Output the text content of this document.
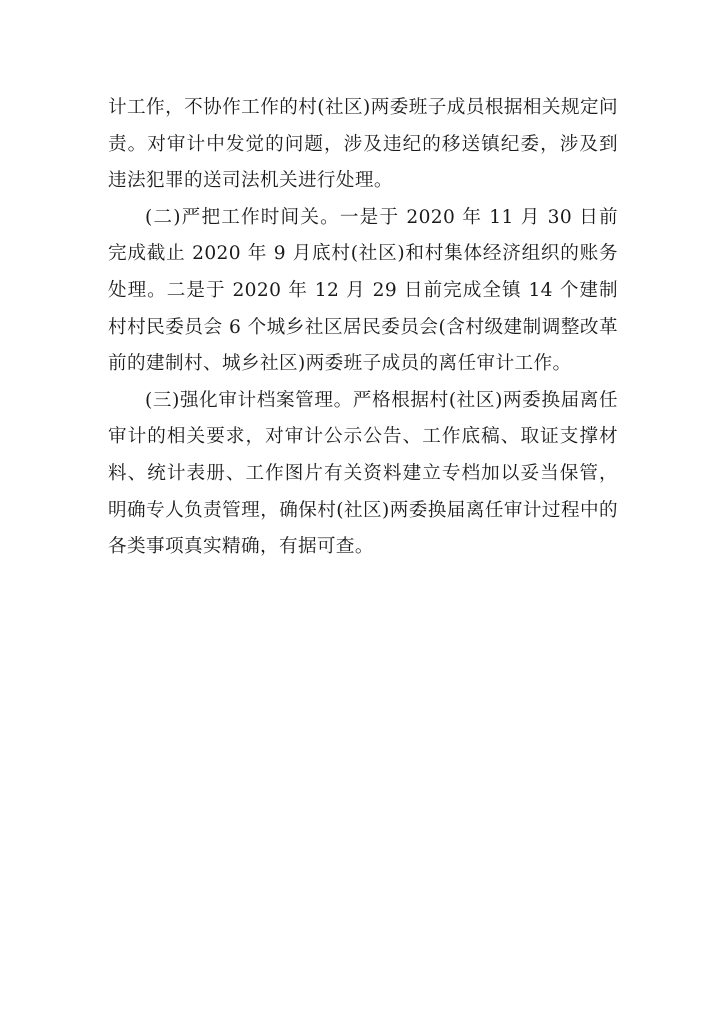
计工作，不协作工作的村(社区)两委班子成员根据相关规定问责。对审计中发觉的问题，涉及违纪的移送镇纪委，涉及到违法犯罪的送司法机关进行处理。

(二)严把工作时间关。一是于 2020 年 11 月 30 日前完成截止 2020 年 9 月底村(社区)和村集体经济组织的账务处理。二是于 2020 年 12 月 29 日前完成全镇 14 个建制村村民委员会 6 个城乡社区居民委员会(含村级建制调整改革前的建制村、城乡社区)两委班子成员的离任审计工作。

(三)强化审计档案管理。严格根据村(社区)两委换届离任审计的相关要求，对审计公示公告、工作底稿、取证支撑材料、统计表册、工作图片有关资料建立专档加以妥当保管，明确专人负责管理，确保村(社区)两委换届离任审计过程中的各类事项真实精确，有据可查。
